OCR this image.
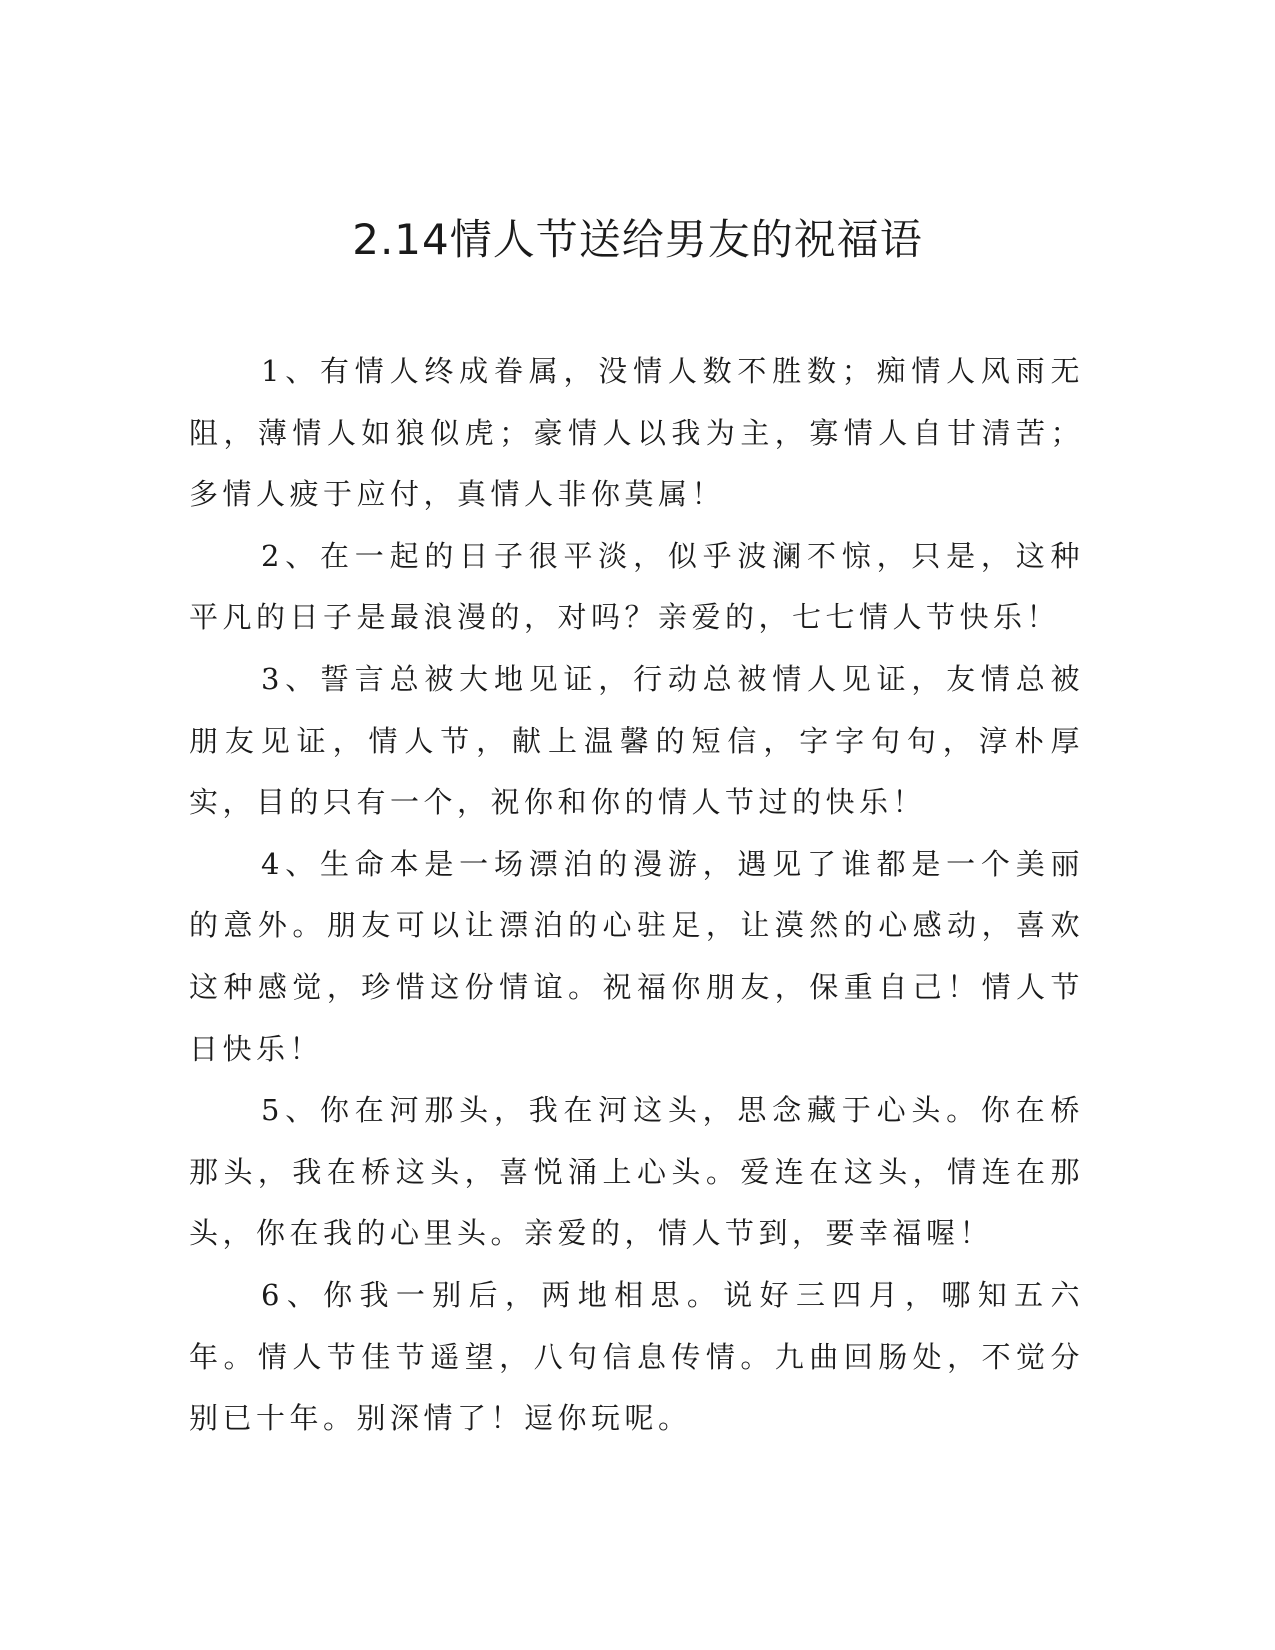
2.14情人节送给男友的祝福语

1、有情人终成眷属，没情人数不胜数；痴情人风雨无阻，薄情人如狼似虎；豪情人以我为主，寡情人自甘清苦；多情人疲于应付，真情人非你莫属！

2、在一起的日子很平淡，似乎波澜不惊，只是，这种平凡的日子是最浪漫的，对吗？亲爱的，七七情人节快乐！

3、誓言总被大地见证，行动总被情人见证，友情总被朋友见证，情人节，献上温馨的短信，字字句句，淳朴厚实，目的只有一个，祝你和你的情人节过的快乐！

4、生命本是一场漂泊的漫游，遇见了谁都是一个美丽的意外。朋友可以让漂泊的心驻足，让漠然的心感动，喜欢这种感觉，珍惜这份情谊。祝福你朋友，保重自己！情人节日快乐！

5、你在河那头，我在河这头，思念藏于心头。你在桥那头，我在桥这头，喜悦涌上心头。爱连在这头，情连在那头，你在我的心里头。亲爱的，情人节到，要幸福喔！

6、你我一别后，两地相思。说好三四月，哪知五六年。情人节佳节遥望，八句信息传情。九曲回肠处，不觉分别已十年。别深情了！逗你玩呢。
